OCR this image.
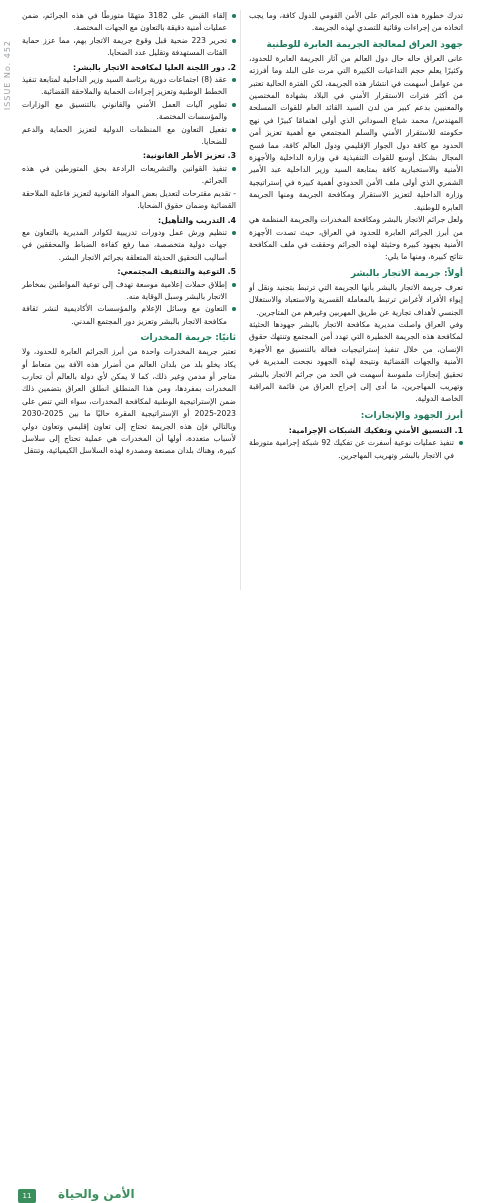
ISSUE No. 452
تدرك خطورة هذه الجرائم على الأمن القومي للدول كافة، وما يجب اتخاذه من إجراءات وقائية للتصدي لهذه الجريمة.
جهود العراق لمعالجة الجريمة العابرة للوطنية
عانى العراق حاله حال دول العالم من آثار الجريمة العابرة للحدود، وكثيرًا يعلم حجم التداعيات الكبيرة التي مرت على البلد وما أفرزته من عوامل أسهمت في انتشار هذه الجريمة، لكن الفترة الحالية تعتبر من أكثر فترات الاستقرار الأمني في البلاد بشهادة المختصين والمعنيين بدعم كبير من لدن السيد القائد العام للقوات المسلحة المهندس/ محمد شياع السوداني الذي أولى اهتمامًا كبيرًا في نهج حكومته للاستقرار الأمني والسلم المجتمعي مع أهمية تعزيز أمن الحدود مع كافة دول الجوار الإقليمي ودول العالم كافة، مما فسح المجال بشكل أوسع للقوات التنفيذية في وزارة الداخلية والأجهزة الأمنية والاستخبارية كافة بمتابعة السيد وزير الداخلية عبد الأمير الشمري الذي أولى ملف الأمن الحدودي أهمية كبيرة في إستراتيجية وزارة الداخلية لتعزيز الاستقرار ومكافحة الجريمة ومنها الجريمة العابرة للوطنية.
ولعل جرائم الاتجار بالبشر ومكافحة المخدرات والجريمة المنظمة هي من أبرز الجرائم العابرة للحدود في العراق، حيث تصدت الأجهزة الأمنية بجهود كبيرة وحثيثة لهذه الجرائم وحققت في ملف المكافحة نتائج كبيرة، ومنها ما يلي:
أولاً: جريمة الاتجار بالبشر
تعرف جريمة الاتجار بالبشر بأنها الجريمة التي ترتبط بتجنيد ونقل أو إيواء الأفراد لأغراض ترتبط بالمعاملة القسرية والاستعباد والاستغلال الجنسي لأهداف تجارية عن طريق المهربين وغيرهم من المتاجرين.
وفي العراق واصلت مديرية مكافحة الاتجار بالبشر جهودها الحثيثة لمكافحة هذه الجريمة الخطيرة التي تهدد أمن المجتمع وتنتهك حقوق الإنسان، من خلال تنفيذ إستراتيجيات فعالة بالتنسيق مع الأجهزة الأمنية والجهات القضائية ونتيجة لهذه الجهود نجحت المديرية في تحقيق إنجازات ملموسة أسهمت في الحد من جرائم الاتجار بالبشر وتهريب المهاجرين، ما أدى إلى إخراج العراق من قائمة المراقبة الخاصة الدولية.
أبرز الجهود والإنجازات:
1. التنسيق الأمني وتفكيك الشبكات الإجرامية:
تنفيذ عمليات نوعية أسفرت عن تفكيك 92 شبكة إجرامية متورطة في الاتجار بالبشر وتهريب المهاجرين.
إلقاء القبض على 3182 متهمًا متورطًا في هذه الجرائم، ضمن عمليات أمنية دقيقة بالتعاون مع الجهات المختصة.
تحرير 223 ضحية قبل وقوع جريمة الاتجار بهم، مما عزز حماية الفئات المستهدفة وتقليل عدد الضحايا.
2. دور اللجنة العليا لمكافحة الاتجار بالبشر:
عقد (8) اجتماعات دورية برئاسة السيد وزير الداخلية لمتابعة تنفيذ الخطط الوطنية وتعزيز إجراءات الحماية والملاحقة القضائية.
تطوير آليات العمل الأمني والقانوني بالتنسيق مع الوزارات والمؤسسات المختصة.
تفعيل التعاون مع المنظمات الدولية لتعزيز الحماية والدعم للضحايا.
3. تعزيز الأطر القانونية:
تنفيذ القوانين والتشريعات الرادعة بحق المتورطين في هذه الجرائم.
- تقديم مقترحات لتعديل بعض المواد القانونية لتعزيز فاعلية الملاحقة القضائية وضمان حقوق الضحايا.
4. التدريب والتأهيل:
تنظيم ورش عمل ودورات تدريبية لكوادر المديرية بالتعاون مع جهات دولية متخصصة، مما رفع كفاءة الضباط والمحققين في أساليب التحقيق الحديثة المتعلقة بجرائم الاتجار البشر.
5. التوعية والتثقيف المجتمعي:
إطلاق حملات إعلامية موسعة تهدف إلى توعية المواطنين بمخاطر الاتجار بالبشر وسبل الوقاية منه.
التعاون مع وسائل الإعلام والمؤسسات الأكاديمية لنشر ثقافة مكافحة الاتجار بالبشر وتعزيز دور المجتمع المدني.
ثانيًا: جريمة المخدرات
تعتبر جريمة المخدرات واحدة من أبرز الجرائم العابرة للحدود، ولا يكاد يخلو بلد من بلدان العالم من أضرار هذه الآفة بين متعاط أو متاجر أو مدمن وغير ذلك، كما لا يمكن لأي دولة بالعالم أن تحارب المخدرات بمفردها، ومن هذا المنطلق انطلق العراق بتضمين ذلك ضمن الإستراتيجية الوطنية لمكافحة المخدرات، سواء التي تنص على 2023-2025 أو الإستراتيجية المقرة حاليًا ما بين 2025-2030 وبالتالي فإن هذه الجريمة تحتاج إلى تعاون إقليمي وتعاون دولي لأسباب متعددة، أولها أن المخدرات هي عملية تحتاج إلى سلاسل كبيرة، وهناك بلدان مصنعة ومصدرة لهذه السلاسل الكيميائية، وتنتقل
11	الأمن والحياة
